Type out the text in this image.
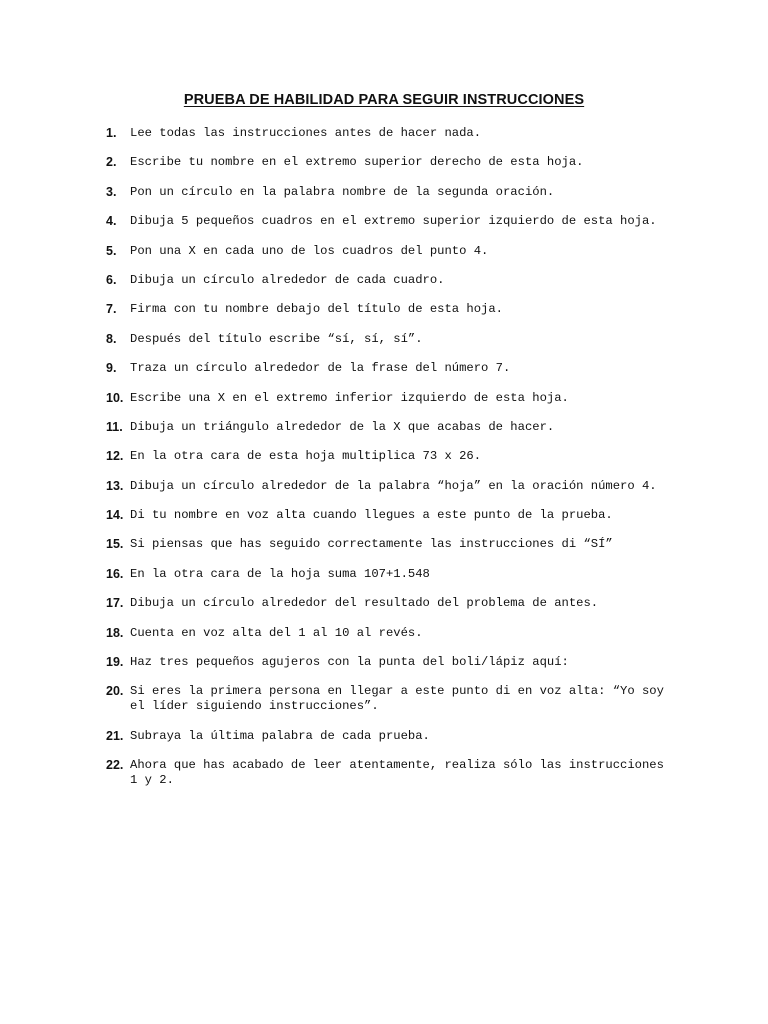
PRUEBA DE HABILIDAD PARA SEGUIR INSTRUCCIONES
1 .	Lee todas las instrucciones antes de hacer nada.
2 .	Escribe tu nombre en el extremo superior derecho de esta hoja.
3 .	Pon un círculo en la palabra nombre de la segunda oración.
4 .	Dibuja 5 pequeños cuadros en el extremo superior izquierdo de esta hoja.
5 .	Pon una X en cada uno de los cuadros del punto 4.
6 .	Dibuja un círculo alrededor de cada cuadro.
7 .	Firma con tu nombre debajo del título de esta hoja.
8 .	Después del título escribe “sí, sí, sí”.
9 .	Traza un círculo alrededor de la frase del número 7.
10 . Escribe una X en el extremo inferior izquierdo de esta hoja.
11 . Dibuja un triángulo alrededor de la X que acabas de hacer.
12 . En la otra cara de esta hoja multiplica 73 x 26.
13 . Dibuja un círculo alrededor de la palabra “hoja” en la oración número 4.
14 . Di tu nombre en voz alta cuando llegues a este punto de la prueba.
15 . Si piensas que has seguido correctamente las instrucciones di “SÍ”
16 . En la otra cara de la hoja suma 107+1.548
17 . Dibuja un círculo alrededor del resultado del problema de antes.
18 . Cuenta en voz alta del 1 al 10 al revés.
19 . Haz tres pequeños agujeros con la punta del boli/lápiz aquí:
20 . Si eres la primera persona en llegar a este punto di en voz alta: “Yo soy el líder siguiendo instrucciones”.
21 . Subraya la última palabra de cada prueba.
22 . Ahora que has acabado de leer atentamente, realiza sólo las instrucciones 1 y 2.
